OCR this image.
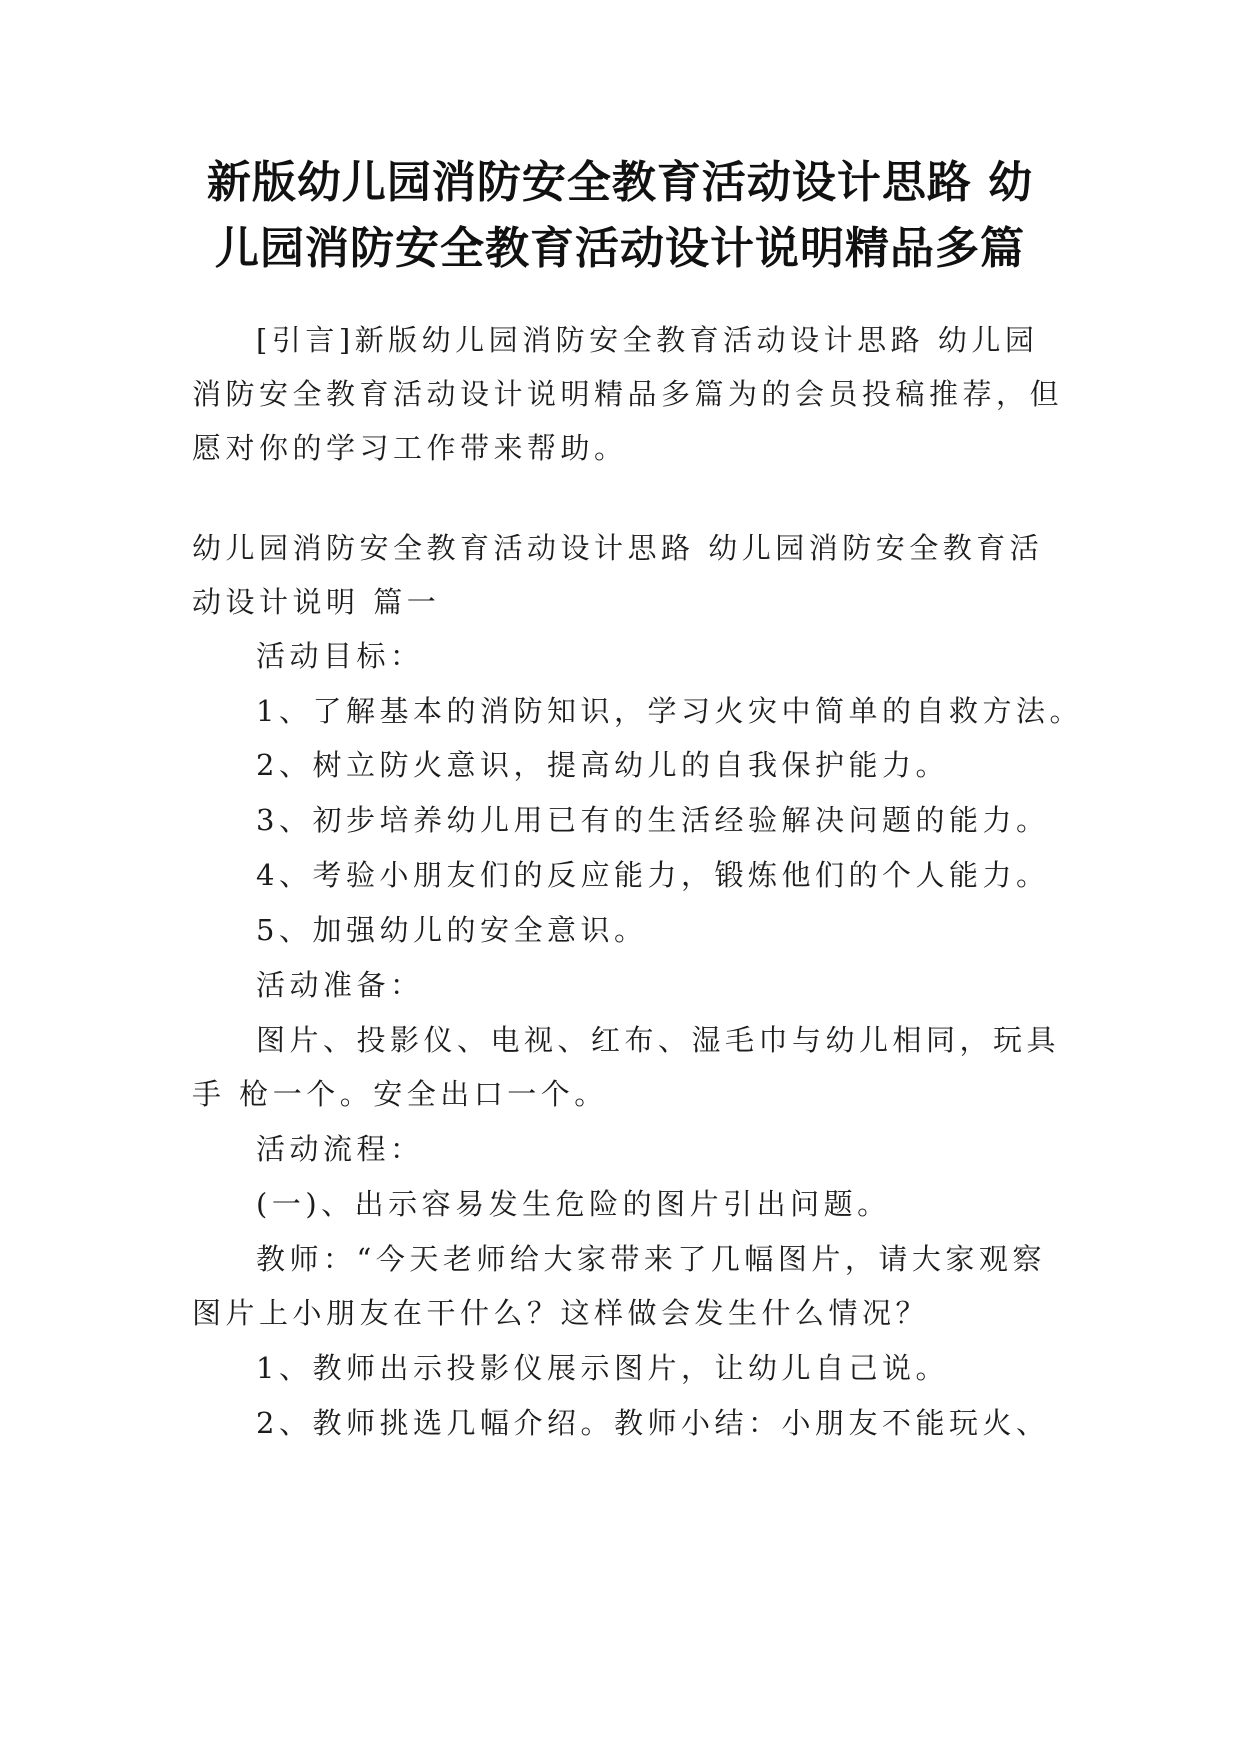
新版幼儿园消防安全教育活动设计思路 幼
儿园消防安全教育活动设计说明精品多篇
[引言]新版幼儿园消防安全教育活动设计思路 幼儿园
消防安全教育活动设计说明精品多篇为的会员投稿推荐，但
愿对你的学习工作带来帮助。
幼儿园消防安全教育活动设计思路 幼儿园消防安全教育活
动设计说明 篇一
活动目标：
1、了解基本的消防知识，学习火灾中简单的自救方法。
2、树立防火意识，提高幼儿的自我保护能力。
3、初步培养幼儿用已有的生活经验解决问题的能力。
4、考验小朋友们的反应能力，锻炼他们的个人能力。
5、加强幼儿的安全意识。
活动准备：
图片、投影仪、电视、红布、湿毛巾与幼儿相同，玩具
手 枪一个。安全出口一个。
活动流程：
(一)、出示容易发生危险的图片引出问题。
教师：“今天老师给大家带来了几幅图片，请大家观察
图片上小朋友在干什么？这样做会发生什么情况？
1、教师出示投影仪展示图片，让幼儿自己说。
2、教师挑选几幅介绍。教师小结：小朋友不能玩火、
